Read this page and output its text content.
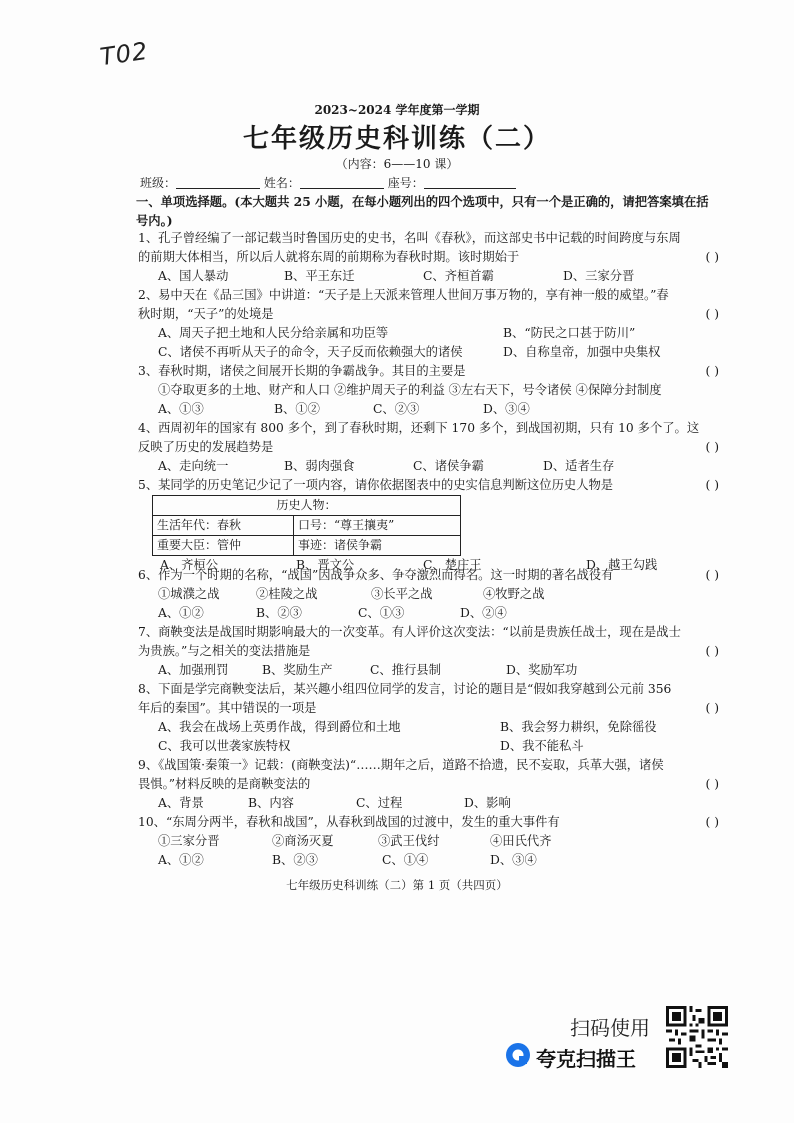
T02
2023~2024 学年度第一学期
七年级历史科训练（二）
（内容：6——10 课）
班级：	姓名：	座号：
一、单项选择题。(本大题共 25 小题，在每小题列出的四个选项中，只有一个是正确的，请把答案填在括
号内。)
1、孔子曾经编了一部记载当时鲁国历史的史书，名叫《春秋》，而这部史书中记载的时间跨度与东周
的前期大体相当，所以后人就将东周的前期称为春秋时期。该时期始于	( )
A、国人暴动	B、平王东迁	C、齐桓首霸	D、三家分晋
2、易中天在《品三国》中讲道：“天子是上天派来管理人世间万事万物的，享有神一般的威望。”春
秋时期，“天子”的处境是	( )
A、周天子把土地和人民分给亲属和功臣等	B、“防民之口甚于防川”
C、诸侯不再听从天子的命令，天子反而依赖强大的诸侯	D、自称皇帝，加强中央集权
3、春秋时期，诸侯之间展开长期的争霸战争。其目的主要是	( )
①夺取更多的土地、财产和人口 ②维护周天子的利益 ③左右天下，号令诸侯 ④保障分封制度
A、①③	B、①②	C、②③	D、③④
4、西周初年的国家有 800 多个，到了春秋时期，还剩下 170 多个，到战国初期，只有 10 多个了。这
反映了历史的发展趋势是	( )
A、走向统一	B、弱肉强食	C、诸侯争霸	D、适者生存
5、某同学的历史笔记少记了一项内容，请你依据图表中的史实信息判断这位历史人物是	( )
历史人物：	
生活年代：春秋	口号：“尊王攘夷”
重要大臣：管仲	事迹：诸侯争霸
A、齐桓公	B、晋文公	C、楚庄王	D、越王勾践
6、作为一个时期的名称，“战国”因战争众多、争夺激烈而得名。这一时期的著名战役有	( )
①城濮之战	②桂陵之战	③长平之战	④牧野之战
A、①②	B、②③	C、①③	D、②④
7、商鞅变法是战国时期影响最大的一次变革。有人评价这次变法：“以前是贵族任战士，现在是战士
为贵族。”与之相关的变法措施是	( )
A、加强刑罚	B、奖励生产	C、推行县制	D、奖励军功
8、下面是学完商鞅变法后，某兴趣小组四位同学的发言，讨论的题目是“假如我穿越到公元前 356
年后的秦国”。其中错误的一项是	( )
A、我会在战场上英勇作战，得到爵位和土地	B、我会努力耕织，免除徭役
C、我可以世袭家族特权	D、我不能私斗
9、《战国策·秦策一》记载：(商鞅变法)“……期年之后，道路不拾遗，民不妄取，兵革大强，诸侯
畏惧。”材料反映的是商鞅变法的	( )
A、背景	B、内容	C、过程	D、影响
10、“东周分两半，春秋和战国”，从春秋到战国的过渡中，发生的重大事件有	( )
①三家分晋	②商汤灭夏	③武王伐纣	④田氏代齐
A、①②	B、②③	C、①④	D、③④
七年级历史科训练（二）第 1 页（共四页）
扫码使用
夸克扫描王
